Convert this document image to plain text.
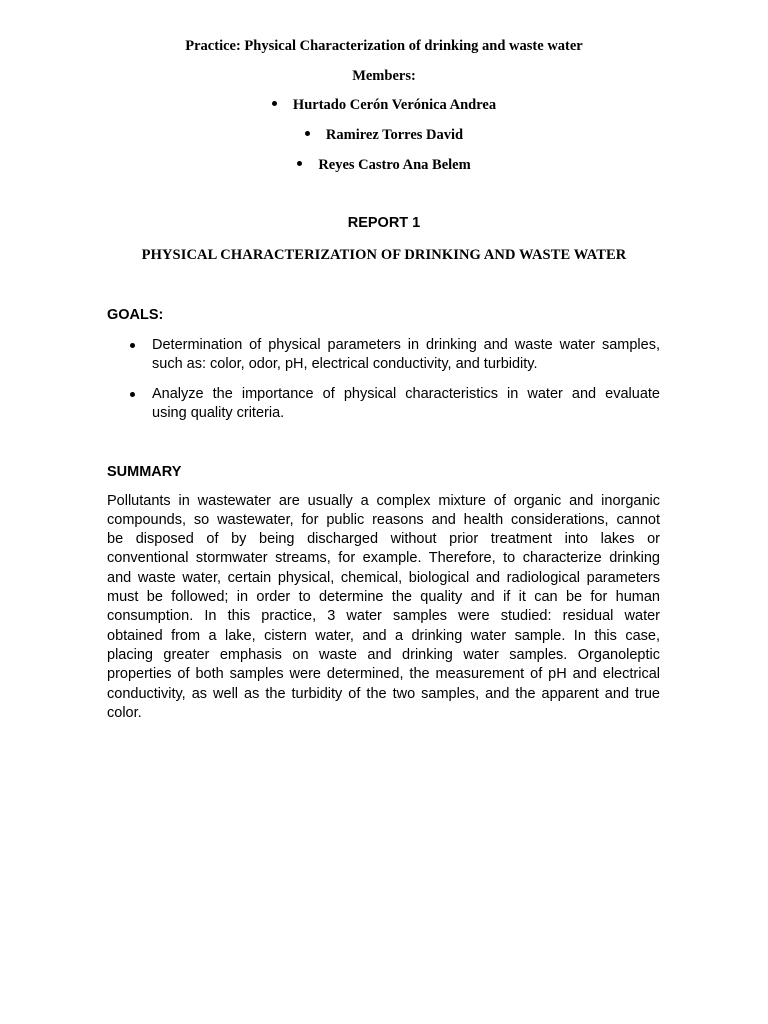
Practice: Physical Characterization of drinking and waste water
Members:
Hurtado Cerón Verónica Andrea
Ramirez Torres David
Reyes Castro Ana Belem
REPORT 1
PHYSICAL CHARACTERIZATION OF DRINKING AND WASTE WATER
GOALS:
Determination of physical parameters in drinking and waste water samples,
such as: color, odor, pH, electrical conductivity, and turbidity.
Analyze the importance of physical characteristics in water and evaluate
using quality criteria.
SUMMARY
Pollutants in wastewater are usually a complex mixture of organic and inorganic
compounds, so wastewater, for public reasons and health considerations, cannot
be disposed of by being discharged without prior treatment into lakes or
conventional stormwater streams, for example. Therefore, to characterize drinking
and waste water, certain physical, chemical, biological and radiological parameters
must be followed; in order to determine the quality and if it can be for human
consumption. In this practice, 3 water samples were studied: residual water
obtained from a lake, cistern water, and a drinking water sample. In this case,
placing greater emphasis on waste and drinking water samples. Organoleptic
properties of both samples were determined, the measurement of pH and electrical
conductivity, as well as the turbidity of the two samples, and the apparent and true
color.
